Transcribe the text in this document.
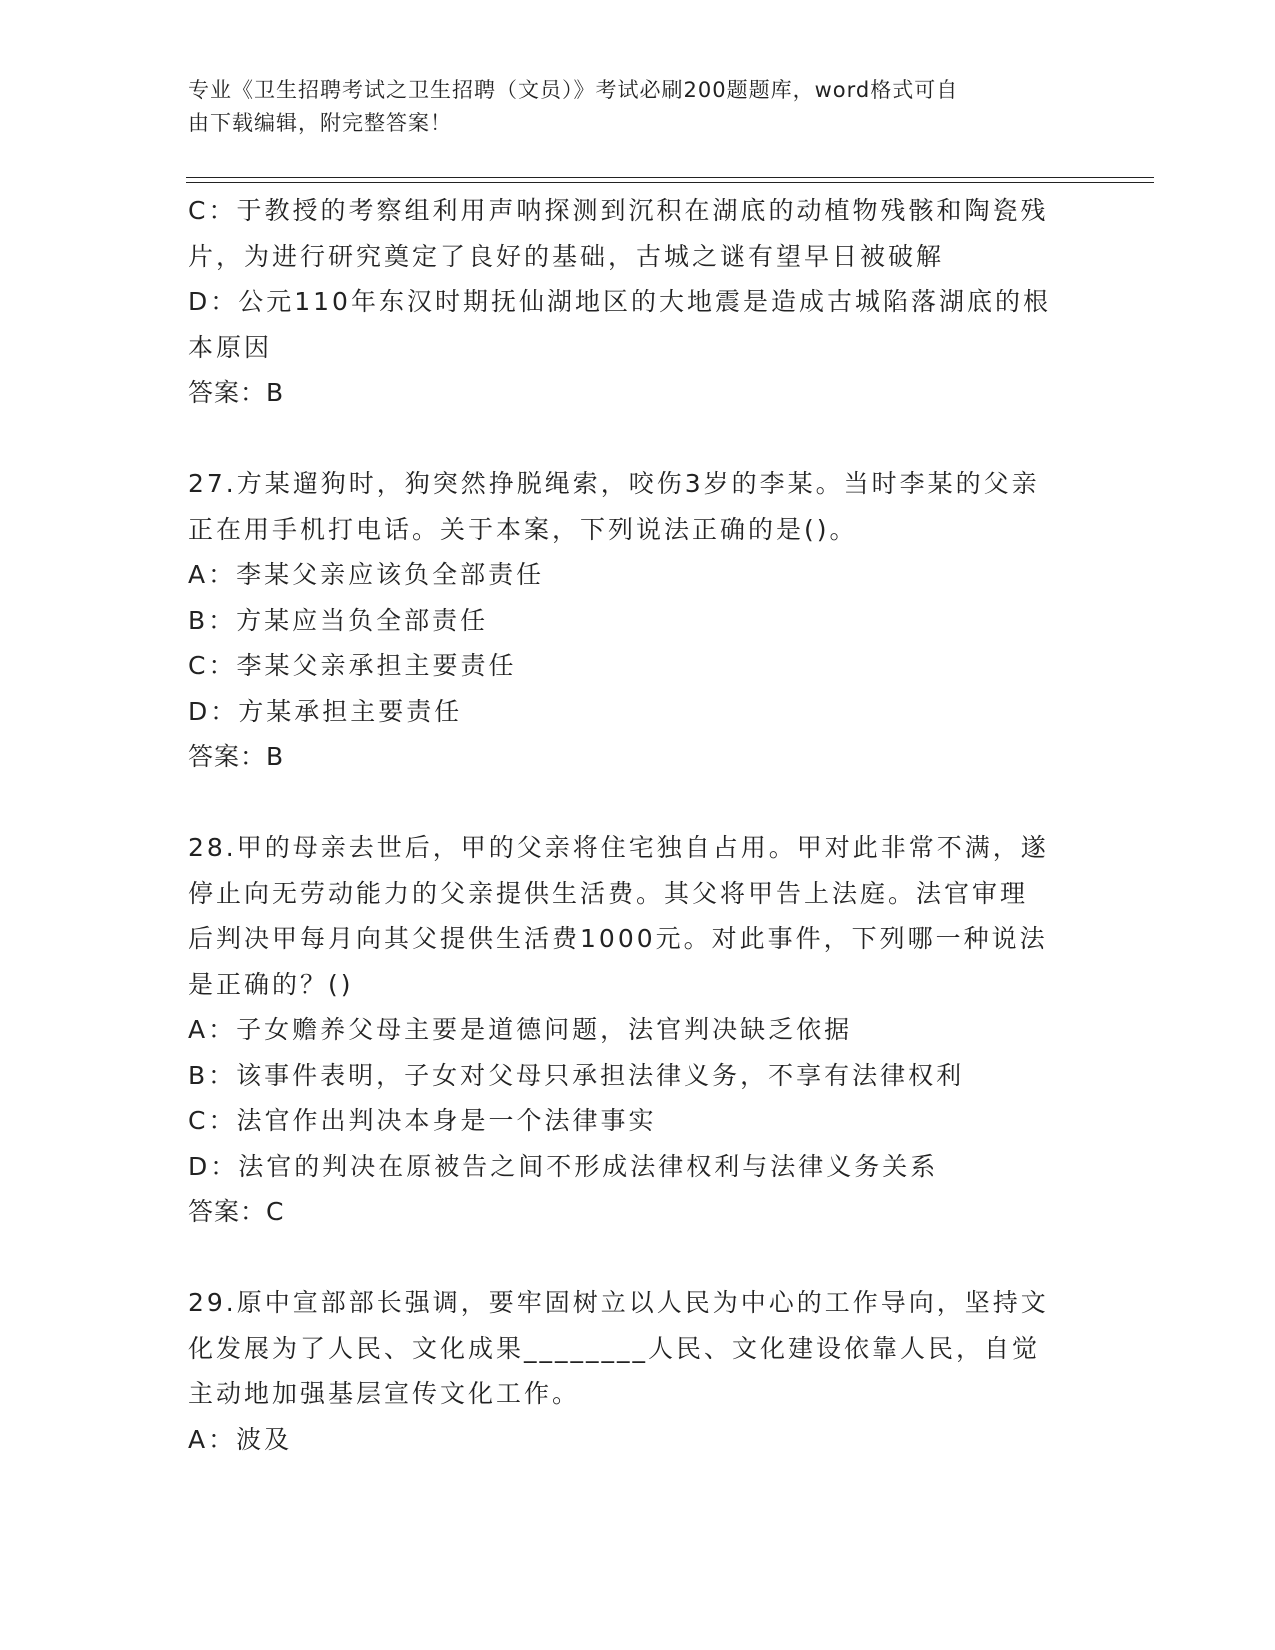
专业《卫生招聘考试之卫生招聘（文员）》考试必刷200题题库，word格式可自
由下载编辑，附完整答案！
C：于教授的考察组利用声呐探测到沉积在湖底的动植物残骸和陶瓷残
片，为进行研究奠定了良好的基础，古城之谜有望早日被破解
D：公元110年东汉时期抚仙湖地区的大地震是造成古城陷落湖底的根
本原因
答案：B
27.方某遛狗时，狗突然挣脱绳索，咬伤3岁的李某。当时李某的父亲
正在用手机打电话。关于本案，下列说法正确的是()。
A：李某父亲应该负全部责任
B：方某应当负全部责任
C：李某父亲承担主要责任
D：方某承担主要责任
答案：B
28.甲的母亲去世后，甲的父亲将住宅独自占用。甲对此非常不满，遂
停止向无劳动能力的父亲提供生活费。其父将甲告上法庭。法官审理
后判决甲每月向其父提供生活费1000元。对此事件，下列哪一种说法
是正确的？()
A：子女赡养父母主要是道德问题，法官判决缺乏依据
B：该事件表明，子女对父母只承担法律义务，不享有法律权利
C：法官作出判决本身是一个法律事实
D：法官的判决在原被告之间不形成法律权利与法律义务关系
答案：C
29.原中宣部部长强调，要牢固树立以人民为中心的工作导向，坚持文
化发展为了人民、文化成果________人民、文化建设依靠人民，自觉
主动地加强基层宣传文化工作。
A：波及
